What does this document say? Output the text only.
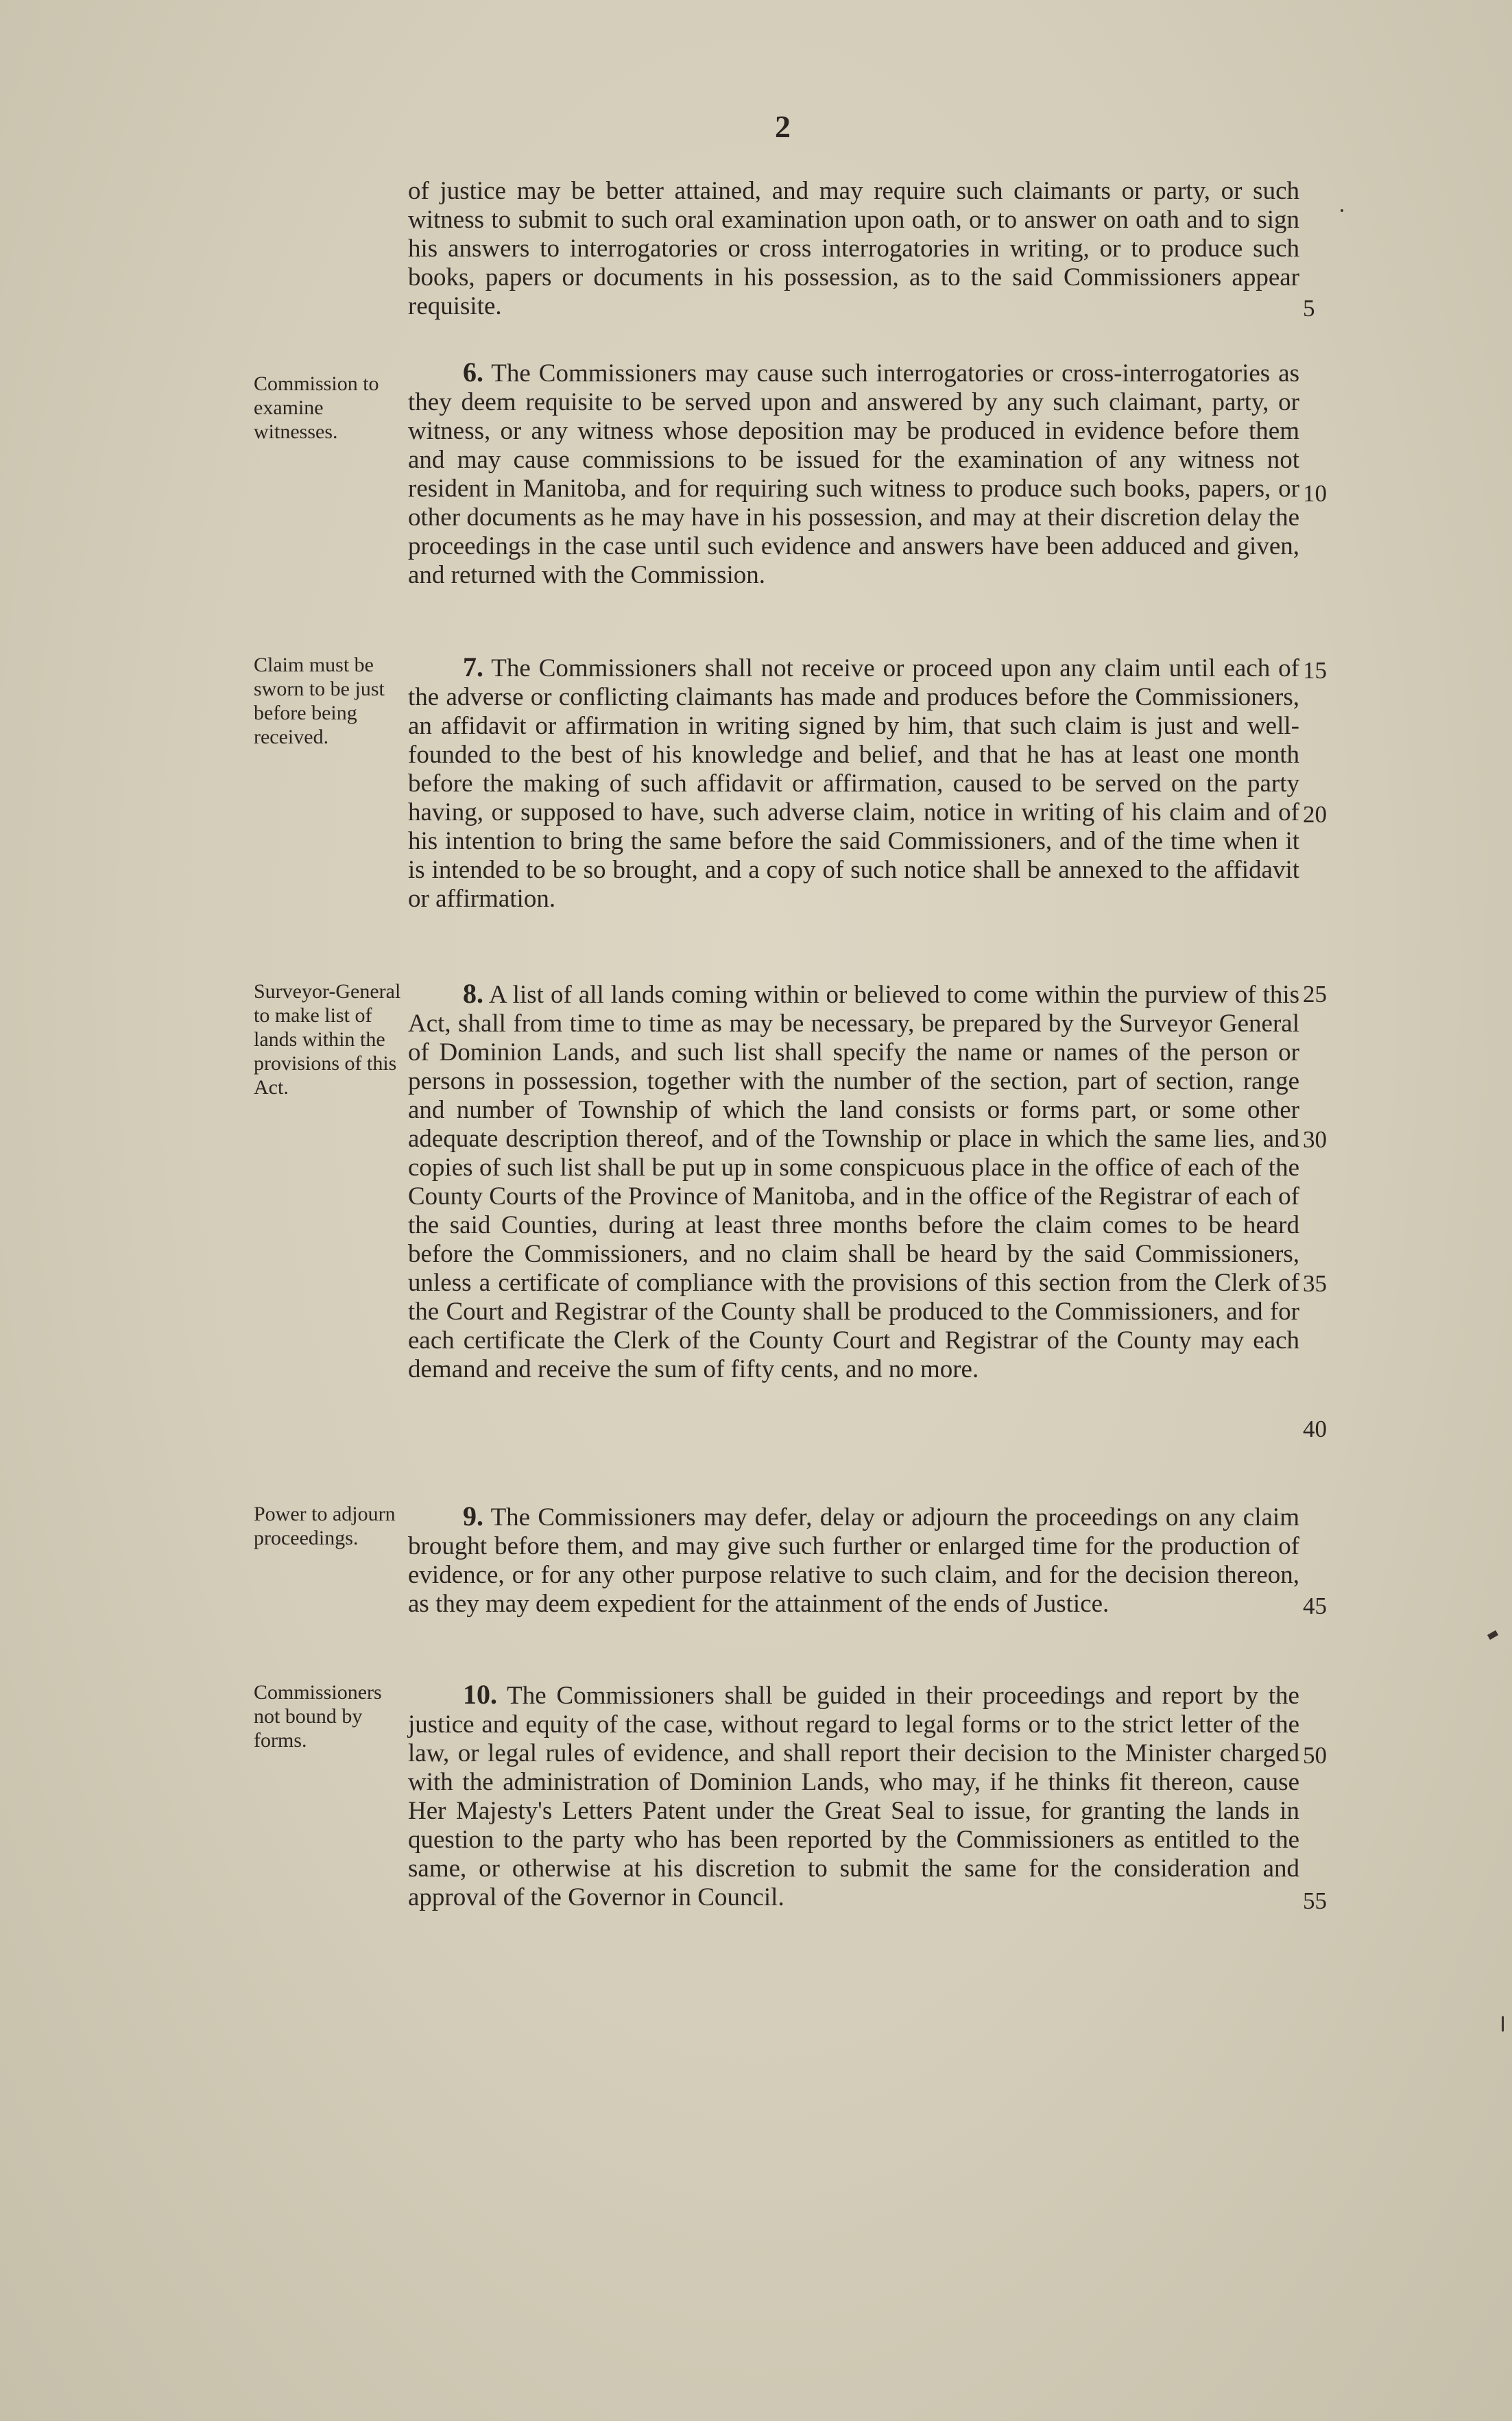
2
of justice may be better attained, and may require such claimants or party, or such witness to submit to such oral examination upon oath, or to answer on oath and to sign his answers to interrogatories or cross interrogatories in writing, or to produce such books, papers or documents in his possession, as to the said Commissioners appear requisite.
Commission to examine witnesses.
6. The Commissioners may cause such interrogatories or cross-interrogatories as they deem requisite to be served upon and answered by any such claimant, party, or witness, or any witness whose deposition may be produced in evidence before them and may cause commissions to be issued for the examination of any witness not resident in Manitoba, and for requiring such witness to produce such books, papers, or other documents as he may have in his possession, and may at their discretion delay the proceedings in the case until such evidence and answers have been adduced and given, and returned with the Commission.
Claim must be sworn to be just before being received.
7. The Commissioners shall not receive or proceed upon any claim until each of the adverse or conflicting claimants has made and produces before the Commissioners, an affidavit or affirmation in writing signed by him, that such claim is just and well-founded to the best of his knowledge and belief, and that he has at least one month before the making of such affidavit or affirmation, caused to be served on the party having, or supposed to have, such adverse claim, notice in writing of his claim and of his intention to bring the same before the said Commissioners, and of the time when it is intended to be so brought, and a copy of such notice shall be annexed to the affidavit or affirmation.
Surveyor-General to make list of lands within the provisions of this Act.
8. A list of all lands coming within or believed to come within the purview of this Act, shall from time to time as may be necessary, be prepared by the Surveyor General of Dominion Lands, and such list shall specify the name or names of the person or persons in possession, together with the number of the section, part of section, range and number of Township of which the land consists or forms part, or some other adequate description thereof, and of the Township or place in which the same lies, and copies of such list shall be put up in some conspicuous place in the office of each of the County Courts of the Province of Manitoba, and in the office of the Registrar of each of the said Counties, during at least three months before the claim comes to be heard before the Commissioners, and no claim shall be heard by the said Commissioners, unless a certificate of compliance with the provisions of this section from the Clerk of the Court and Registrar of the County shall be produced to the Commissioners, and for each certificate the Clerk of the County Court and Registrar of the County may each demand and receive the sum of fifty cents, and no more.
Power to adjourn proceedings.
9. The Commissioners may defer, delay or adjourn the proceedings on any claim brought before them, and may give such further or enlarged time for the production of evidence, or for any other purpose relative to such claim, and for the decision thereon, as they may deem expedient for the attainment of the ends of Justice.
Commissioners not bound by forms.
10. The Commissioners shall be guided in their proceedings and report by the justice and equity of the case, without regard to legal forms or to the strict letter of the law, or legal rules of evidence, and shall report their decision to the Minister charged with the administration of Dominion Lands, who may, if he thinks fit thereon, cause Her Majesty's Letters Patent under the Great Seal to issue, for granting the lands in question to the party who has been reported by the Commissioners as entitled to the same, or otherwise at his discretion to submit the same for the consideration and approval of the Governor in Council.
5
10
15
20
25
30
35
40
45
50
55
